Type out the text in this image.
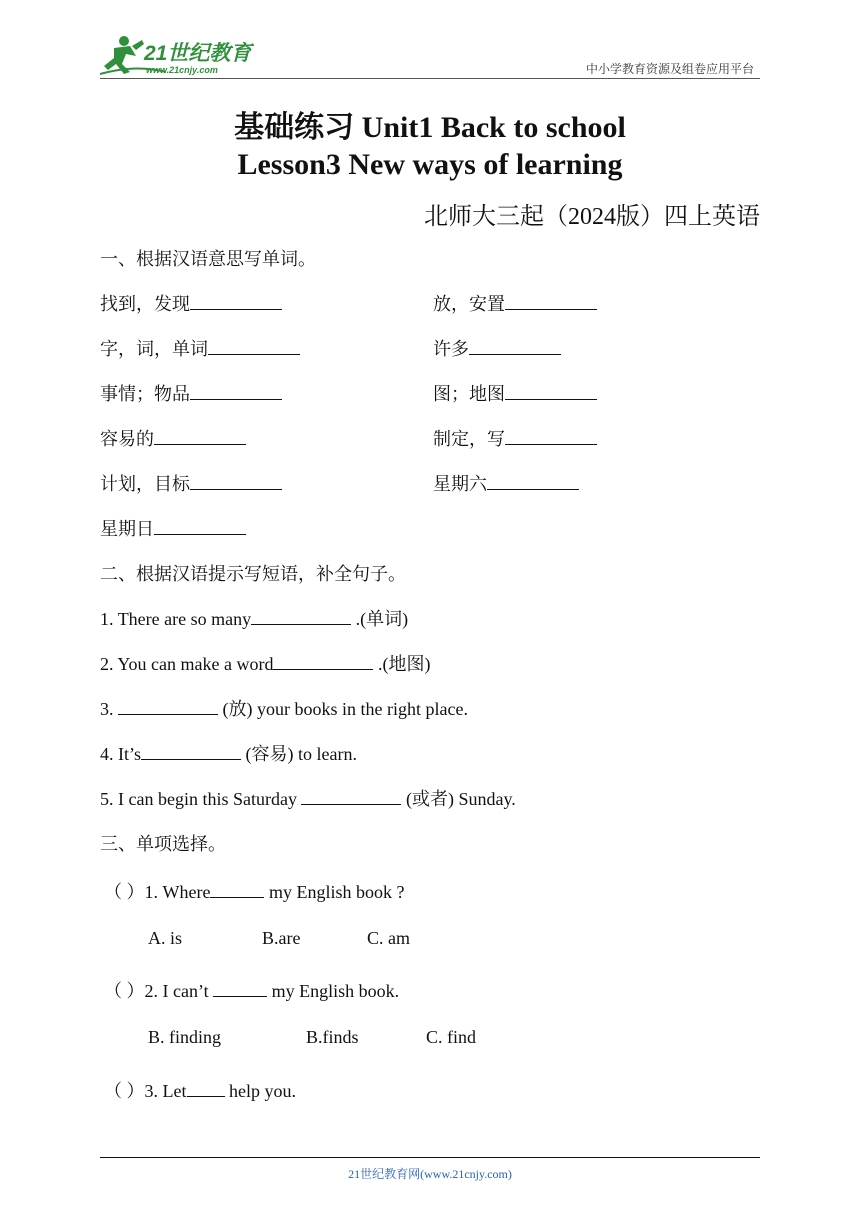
21世纪教育
www.21cnjy.com	中小学教育资源及组卷应用平台
基础练习 Unit1 Back to school
Lesson3 New ways of learning
北师大三起（2024版）四上英语
一、根据汉语意思写单词。
找到，发现	放，安置
字，词，单词	许多
事情；物品	图；地图
容易的	制定，写
计划，目标	星期六
星期日
二、根据汉语提示写短语，补全句子。
1. There are so many	.(单词)
2. You can make a word	.(地图)
3.	(放) your books in the right place.
4. It’s	(容易) to learn.
5. I can begin this Saturday	(或者) Sunday.
三、单项选择。
（ ）1. Where	my English book ?
A. is	B.are	C. am
（ ）2. I can’t	my English book.
B. finding	B.finds	C. find
（ ）3. Let help you.
21世纪教育网(www.21cnjy.com)
